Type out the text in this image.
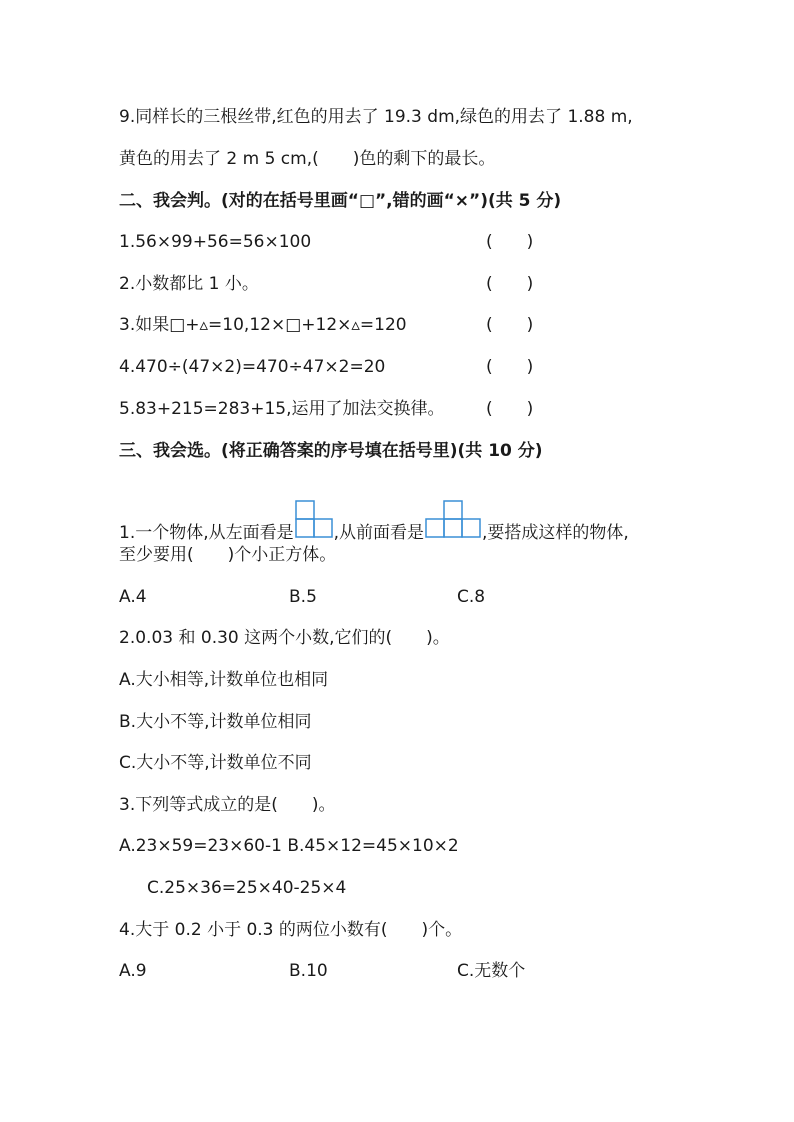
9.同样长的三根丝带,红色的用去了 19.3 dm,绿色的用去了 1.88 m,
黄色的用去了 2 m 5 cm,(　　)色的剩下的最长。
二、我会判。(对的在括号里画“□”,错的画“×”)(共 5 分)
1.56×99+56=56×100	(　　)
2.小数都比 1 小。	(　　)
3.如果□+▵=10,12×□+12×▵=120	(　　)
4.470÷(47×2)=470÷47×2=20	(　　)
5.83+215=283+15,运用了加法交换律。 (　　)
三、我会选。(将正确答案的序号填在括号里)(共 10 分)
1.一个物体,从左面看是 ,从前面看是	,要搭成这样的物体,
至少要用(　　)个小正方体。
A.4	B.5	C.8
2.0.03 和 0.30 这两个小数,它们的(　　)。
A.大小相等,计数单位也相同
B.大小不等,计数单位相同
C.大小不等,计数单位不同
3.下列等式成立的是(　　)。
A.23×59=23×60-1 B.45×12=45×10×2
C.25×36=25×40-25×4
4.大于 0.2 小于 0.3 的两位小数有(　　)个。
A.9	B.10	C.无数个
